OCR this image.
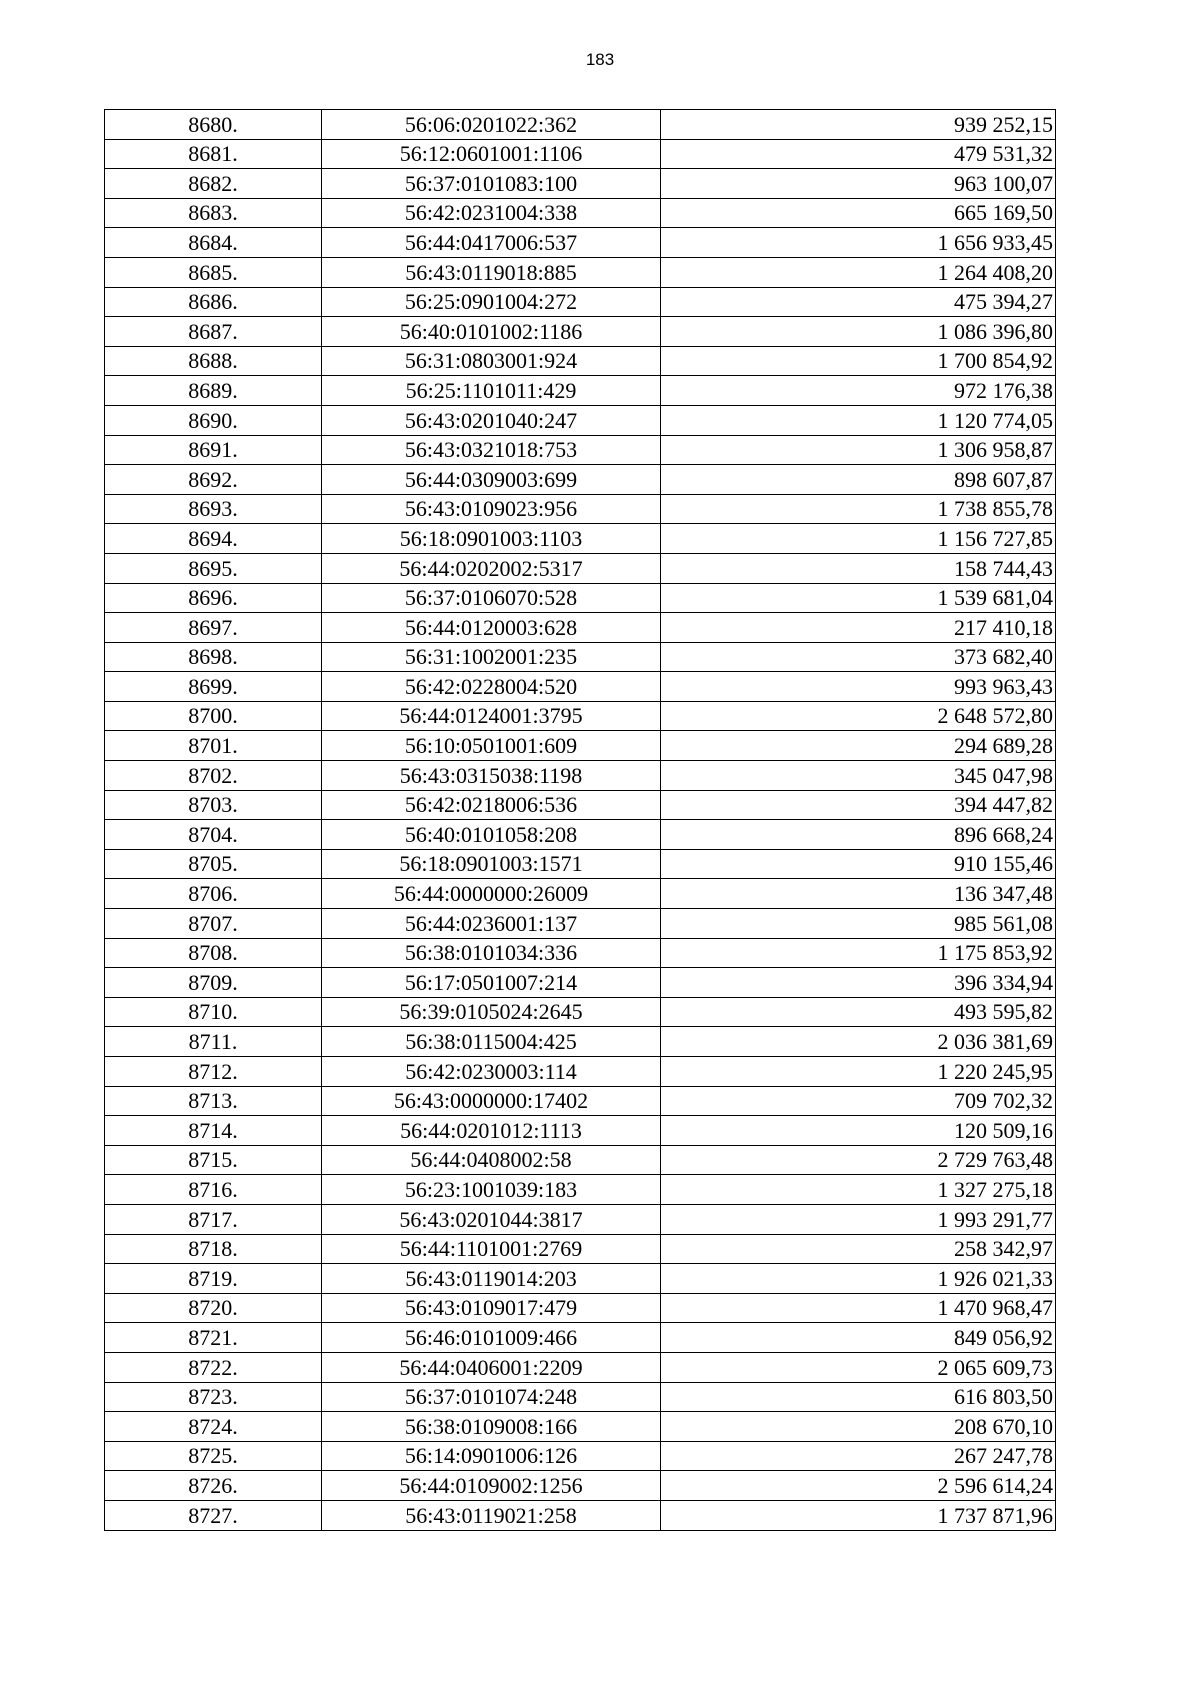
183
8680.	56:06:0201022:362	939 252,15
8681.	56:12:0601001:1106	479 531,32
8682.	56:37:0101083:100	963 100,07
8683.	56:42:0231004:338	665 169,50
8684.	56:44:0417006:537	1 656 933,45
8685.	56:43:0119018:885	1 264 408,20
8686.	56:25:0901004:272	475 394,27
8687.	56:40:0101002:1186	1 086 396,80
8688.	56:31:0803001:924	1 700 854,92
8689.	56:25:1101011:429	972 176,38
8690.	56:43:0201040:247	1 120 774,05
8691.	56:43:0321018:753	1 306 958,87
8692.	56:44:0309003:699	898 607,87
8693.	56:43:0109023:956	1 738 855,78
8694.	56:18:0901003:1103	1 156 727,85
8695.	56:44:0202002:5317	158 744,43
8696.	56:37:0106070:528	1 539 681,04
8697.	56:44:0120003:628	217 410,18
8698.	56:31:1002001:235	373 682,40
8699.	56:42:0228004:520	993 963,43
8700.	56:44:0124001:3795	2 648 572,80
8701.	56:10:0501001:609	294 689,28
8702.	56:43:0315038:1198	345 047,98
8703.	56:42:0218006:536	394 447,82
8704.	56:40:0101058:208	896 668,24
8705.	56:18:0901003:1571	910 155,46
8706.	56:44:0000000:26009	136 347,48
8707.	56:44:0236001:137	985 561,08
8708.	56:38:0101034:336	1 175 853,92
8709.	56:17:0501007:214	396 334,94
8710.	56:39:0105024:2645	493 595,82
8711.	56:38:0115004:425	2 036 381,69
8712.	56:42:0230003:114	1 220 245,95
8713.	56:43:0000000:17402	709 702,32
8714.	56:44:0201012:1113	120 509,16
8715.	56:44:0408002:58	2 729 763,48
8716.	56:23:1001039:183	1 327 275,18
8717.	56:43:0201044:3817	1 993 291,77
8718.	56:44:1101001:2769	258 342,97
8719.	56:43:0119014:203	1 926 021,33
8720.	56:43:0109017:479	1 470 968,47
8721.	56:46:0101009:466	849 056,92
8722.	56:44:0406001:2209	2 065 609,73
8723.	56:37:0101074:248	616 803,50
8724.	56:38:0109008:166	208 670,10
8725.	56:14:0901006:126	267 247,78
8726.	56:44:0109002:1256	2 596 614,24
8727.	56:43:0119021:258	1 737 871,96
